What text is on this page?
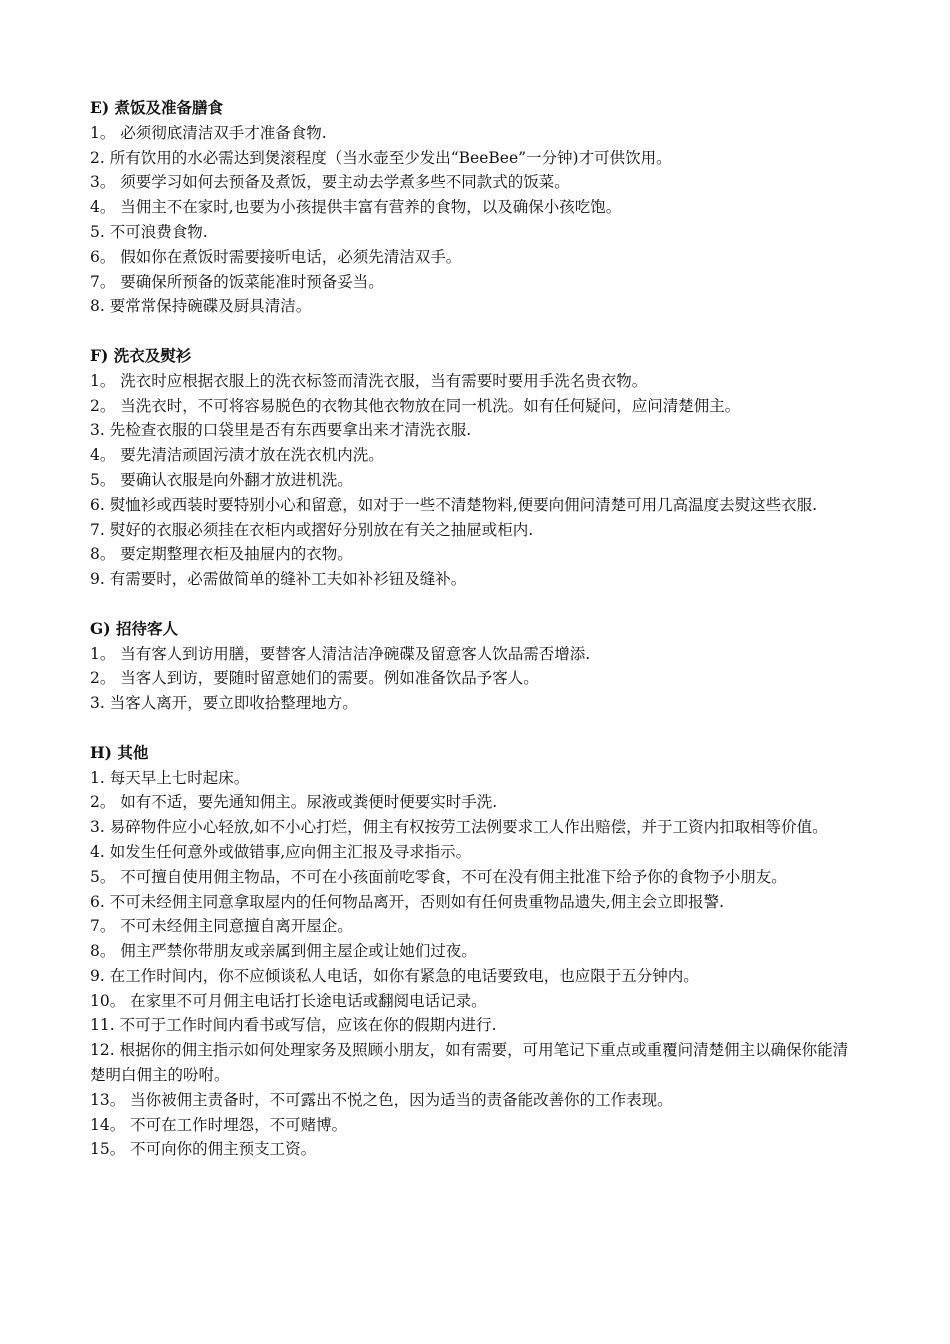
E) 煮饭及准备膳食
1。 必须彻底清洁双手才准备食物.
2. 所有饮用的水必需达到煲滚程度（当水壶至少发出“BeeBee”一分钟)才可供饮用。
3。 须要学习如何去预备及煮饭，要主动去学煮多些不同款式的饭菜。
4。 当佣主不在家时,也要为小孩提供丰富有营养的食物，以及确保小孩吃饱。
5. 不可浪费食物.
6。 假如你在煮饭时需要接听电话，必须先清洁双手。
7。 要确保所预备的饭菜能准时预备妥当。
8. 要常常保持碗碟及厨具清洁。
F) 洗衣及熨衫
1。 洗衣时应根据衣服上的洗衣标签而清洗衣服，当有需要时要用手洗名贵衣物。
2。 当洗衣时，不可将容易脱色的衣物其他衣物放在同一机洗。如有任何疑问，应问清楚佣主。
3. 先检查衣服的口袋里是否有东西要拿出来才清洗衣服.
4。 要先清洁顽固污渍才放在洗衣机内洗。
5。 要确认衣服是向外翻才放进机洗。
6. 熨恤衫或西装时要特别小心和留意，如对于一些不清楚物料,便要向佣问清楚可用几高温度去熨这些衣服.
7. 熨好的衣服必须挂在衣柜内或摺好分别放在有关之抽屉或柜内.
8。 要定期整理衣柜及抽屉内的衣物。
9. 有需要时，必需做简单的缝补工夫如补衫钮及缝补。
G) 招待客人
1。 当有客人到访用膳，要替客人清洁洁净碗碟及留意客人饮品需否增添.
2。 当客人到访，要随时留意她们的需要。例如准备饮品予客人。
3. 当客人离开，要立即收拾整理地方。
H) 其他
1. 每天早上七时起床。
2。 如有不适，要先通知佣主。尿液或粪便时便要实时手洗.
3. 易碎物件应小心轻放,如不小心打烂，佣主有权按劳工法例要求工人作出赔偿，并于工资内扣取相等价值。
4. 如发生任何意外或做错事,应向佣主汇报及寻求指示。
5。 不可擅自使用佣主物品，不可在小孩面前吃零食，不可在没有佣主批准下给予你的食物予小朋友。
6. 不可未经佣主同意拿取屋内的任何物品离开，否则如有任何贵重物品遗失,佣主会立即报警.
7。 不可未经佣主同意擅自离开屋企。
8。 佣主严禁你带朋友或亲属到佣主屋企或让她们过夜。
9. 在工作时间内，你不应倾谈私人电话，如你有紧急的电话要致电，也应限于五分钟内。
10。 在家里不可月佣主电话打长途电话或翻阅电话记录。
11. 不可于工作时间内看书或写信，应该在你的假期内进行.
12. 根据你的佣主指示如何处理家务及照顾小朋友，如有需要，可用笔记下重点或重覆问清楚佣主以确保你能清楚明白佣主的吩咐。
13。 当你被佣主责备时，不可露出不悦之色，因为适当的责备能改善你的工作表现。
14。 不可在工作时埋怨，不可赌博。
15。 不可向你的佣主预支工资。
